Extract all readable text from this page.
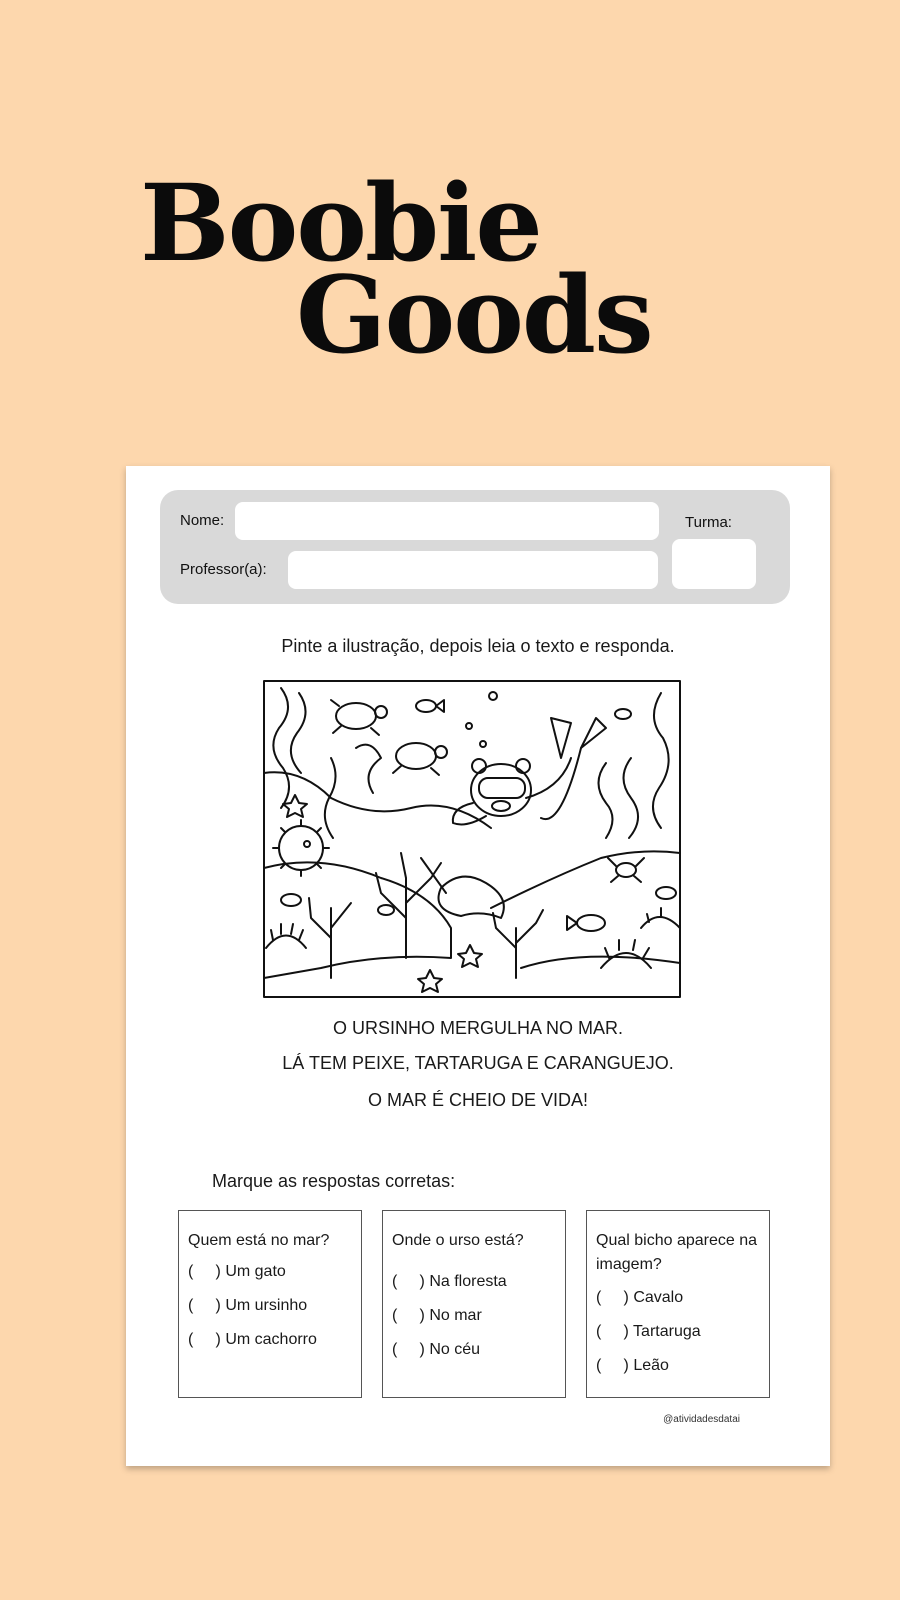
Boobie
Goods
Nome:	Turma:
Professor(a):
Pinte a ilustração, depois leia o texto e responda.
O URSINHO MERGULHA NO MAR.
LÁ TEM PEIXE, TARTARUGA E CARANGUEJO.
O MAR É CHEIO DE VIDA!
Marque as respostas corretas:
Quem está no mar?
(     ) Um gato
(     ) Um ursinho
(     ) Um cachorro
Onde o urso está?
(     ) Na floresta
(     ) No mar
(     ) No céu
Qual bicho aparece na imagem?
(     ) Cavalo
(     ) Tartaruga
(     ) Leão
@atividadesdatai
